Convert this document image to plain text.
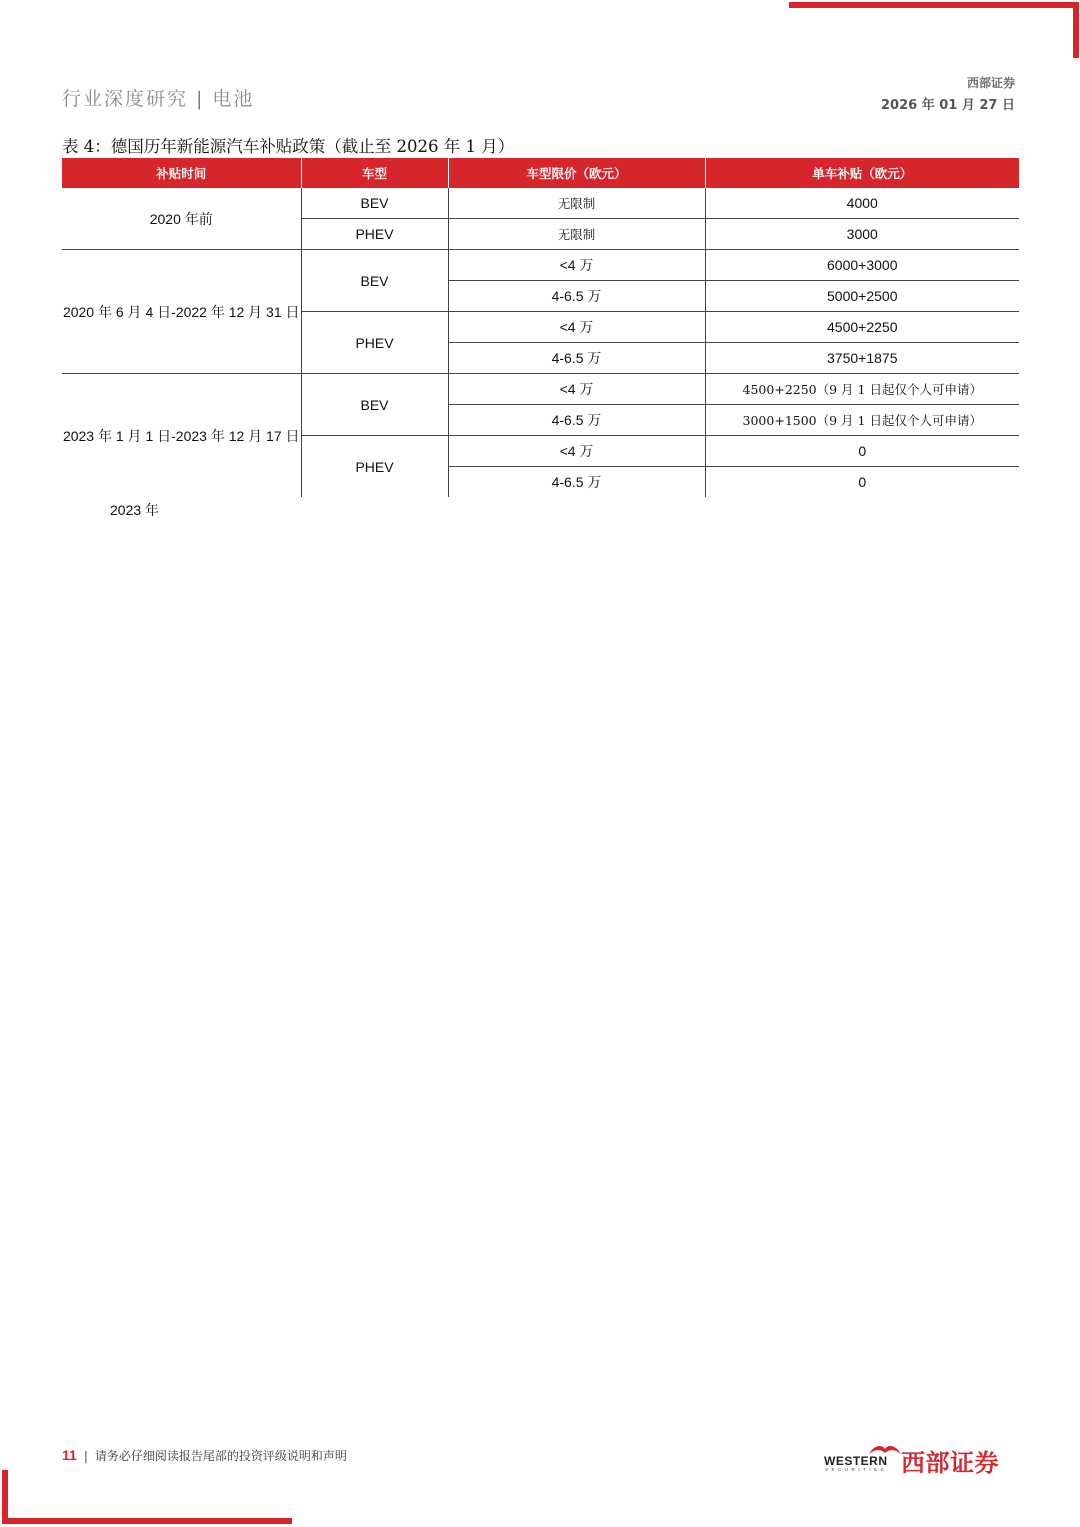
行业深度研究 | 电池
西部证券
2026 年 01 月 27 日
表 4：德国历年新能源汽车补贴政策（截止至 2026 年 1 月）
补贴时间	车型	车型限价（欧元）	单车补贴（欧元）
2020 年前	BEV	无限制	4000
	PHEV	无限制	3000
2020 年 6 月 4 日-2022 年 12 月 31 日	BEV	<4 万	6000+3000
		4-6.5 万	5000+2500
	PHEV	<4 万	4500+2250
		4-6.5 万	3750+1875
2023 年 1 月 1 日-2023 年 12 月 17 日	BEV	<4 万	4500+2250（9 月 1 日起仅个人可申请）
		4-6.5 万	3000+1500（9 月 1 日起仅个人可申请）
	PHEV	<4 万	0
		4-6.5 万	0
2023 年
11 | 请务必仔细阅读报告尾部的投资评级说明和声明	WESTERN
SECURITIES 西部证券
